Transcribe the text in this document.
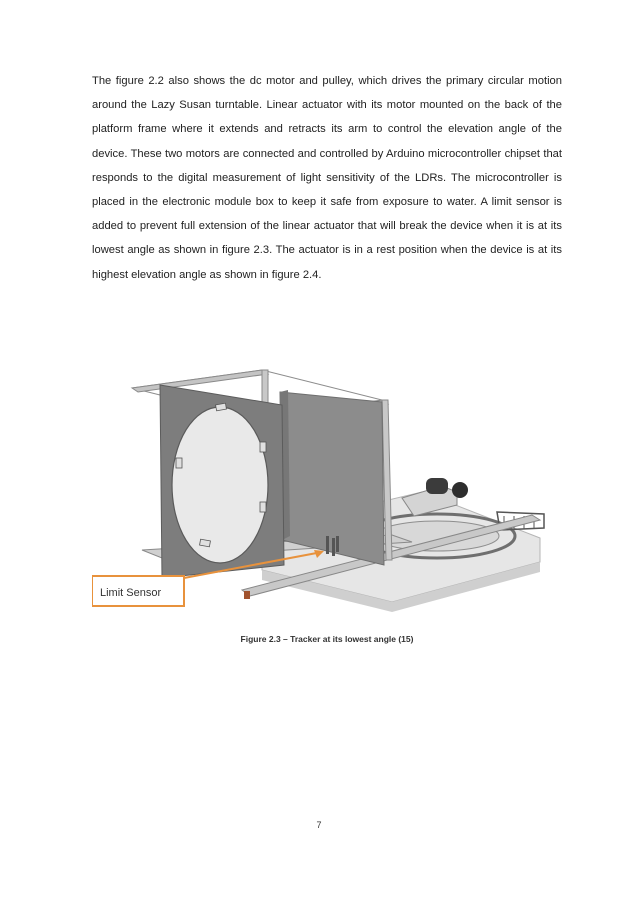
The figure 2.2 also shows the dc motor and pulley, which drives the primary circular motion around the Lazy Susan turntable. Linear actuator with its motor mounted on the back of the platform frame where it extends and retracts its arm to control the elevation angle of the device. These two motors are connected and controlled by Arduino microcontroller chipset that responds to the digital measurement of light sensitivity of the LDRs. The microcontroller is placed in the electronic module box to keep it safe from exposure to water. A limit sensor is added to prevent full extension of the linear actuator that will break the device when it is at its lowest angle as shown in figure 2.3. The actuator is in a rest position when the device is at its highest elevation angle as shown in figure 2.4.

Limit Sensor
Figure 2.3 – Tracker at its lowest angle (15)
7
